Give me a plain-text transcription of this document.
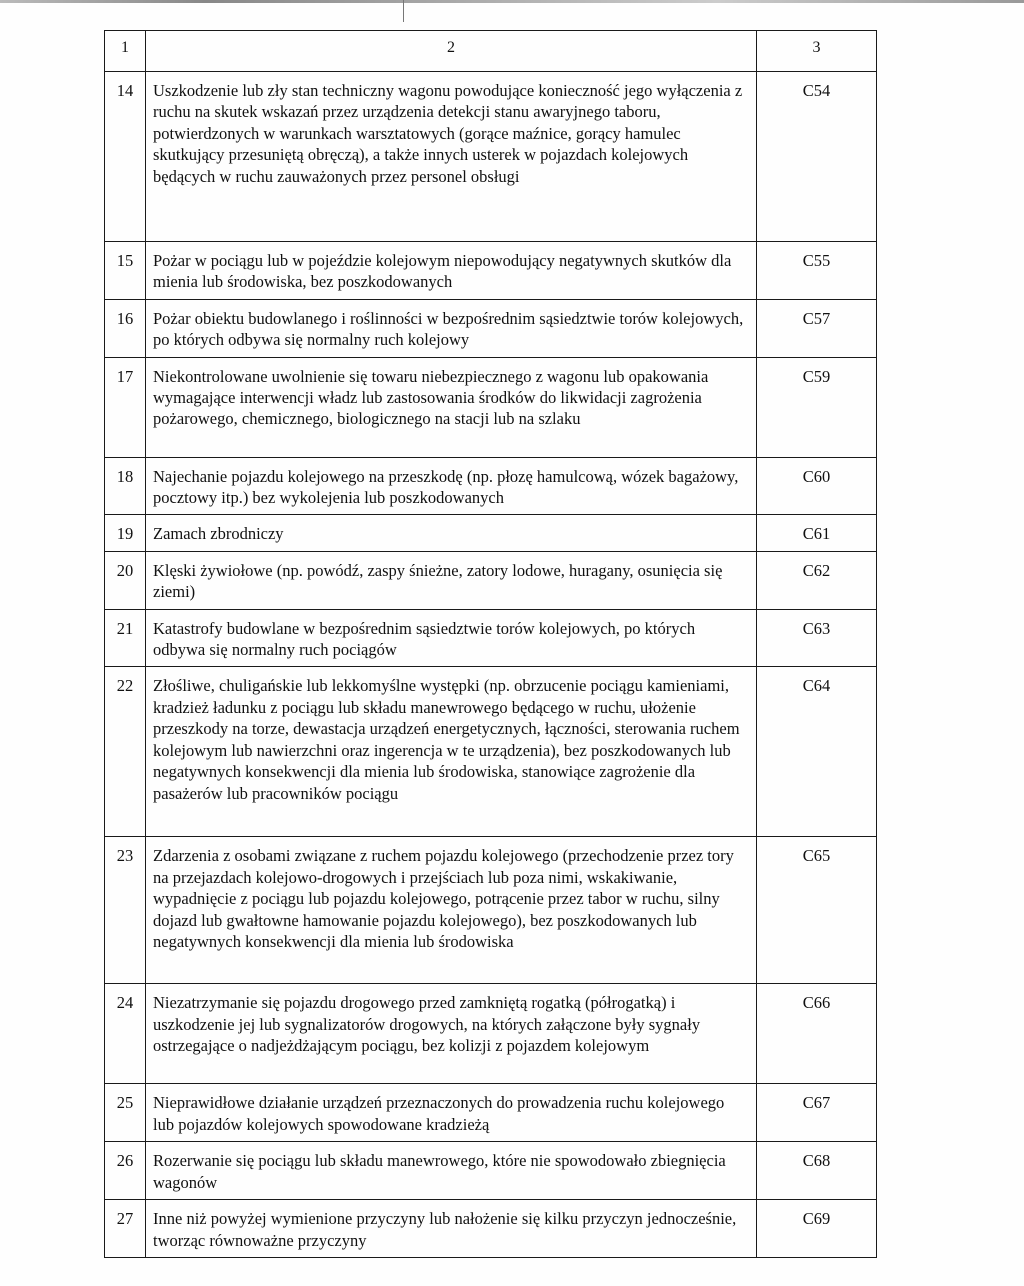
1	2	3
14	Uszkodzenie lub zły stan techniczny wagonu powodujące konieczność jego wyłączenia z ruchu na skutek wskazań przez urządzenia detekcji stanu awaryjnego taboru, potwierdzonych w warunkach warsztatowych (gorące maźnice, gorący hamulec skutkujący przesuniętą obręczą), a także innych usterek w pojazdach kolejowych będących w ruchu zauważonych przez personel obsługi	C54
15	Pożar w pociągu lub w pojeździe kolejowym niepowodujący negatywnych skutków dla mienia lub środowiska, bez poszkodowanych	C55
16	Pożar obiektu budowlanego i roślinności w bezpośrednim sąsiedztwie torów kolejowych, po których odbywa się normalny ruch kolejowy	C57
17	Niekontrolowane uwolnienie się towaru niebezpiecznego z wagonu lub opakowania wymagające interwencji władz lub zastosowania środków do likwidacji zagrożenia pożarowego, chemicznego, biologicznego na stacji lub na szlaku	C59
18	Najechanie pojazdu kolejowego na przeszkodę (np. płozę hamulcową, wózek bagażowy, pocztowy itp.) bez wykolejenia lub poszkodowanych	C60
19	Zamach zbrodniczy	C61
20	Klęski żywiołowe (np. powódź, zaspy śnieżne, zatory lodowe, huragany, osunięcia się ziemi)	C62
21	Katastrofy budowlane w bezpośrednim sąsiedztwie torów kolejowych, po których odbywa się normalny ruch pociągów	C63
22	Złośliwe, chuligańskie lub lekkomyślne występki (np. obrzucenie pociągu kamieniami, kradzież ładunku z pociągu lub składu manewrowego będącego w ruchu, ułożenie przeszkody na torze, dewastacja urządzeń energetycznych, łączności, sterowania ruchem kolejowym lub nawierzchni oraz ingerencja w te urządzenia), bez poszkodowanych lub negatywnych konsekwencji dla mienia lub środowiska, stanowiące zagrożenie dla pasażerów lub pracowników pociągu	C64
23	Zdarzenia z osobami związane z ruchem pojazdu kolejowego (przechodzenie przez tory na przejazdach kolejowo-drogowych i przejściach lub poza nimi, wskakiwanie, wypadnięcie z pociągu lub pojazdu kolejowego, potrącenie przez tabor w ruchu, silny dojazd lub gwałtowne hamowanie pojazdu kolejowego), bez poszkodowanych lub negatywnych konsekwencji dla mienia lub środowiska	C65
24	Niezatrzymanie się pojazdu drogowego przed zamkniętą rogatką (półrogatką) i uszkodzenie jej lub sygnalizatorów drogowych, na których załączone były sygnały ostrzegające o nadjeżdżającym pociągu, bez kolizji z pojazdem kolejowym	C66
25	Nieprawidłowe działanie urządzeń przeznaczonych do prowadzenia ruchu kolejowego lub pojazdów kolejowych spowodowane kradzieżą	C67
26	Rozerwanie się pociągu lub składu manewrowego, które nie spowodowało zbiegnięcia wagonów	C68
27	Inne niż powyżej wymienione przyczyny lub nałożenie się kilku przyczyn jednocześnie, tworząc równoważne przyczyny	C69
